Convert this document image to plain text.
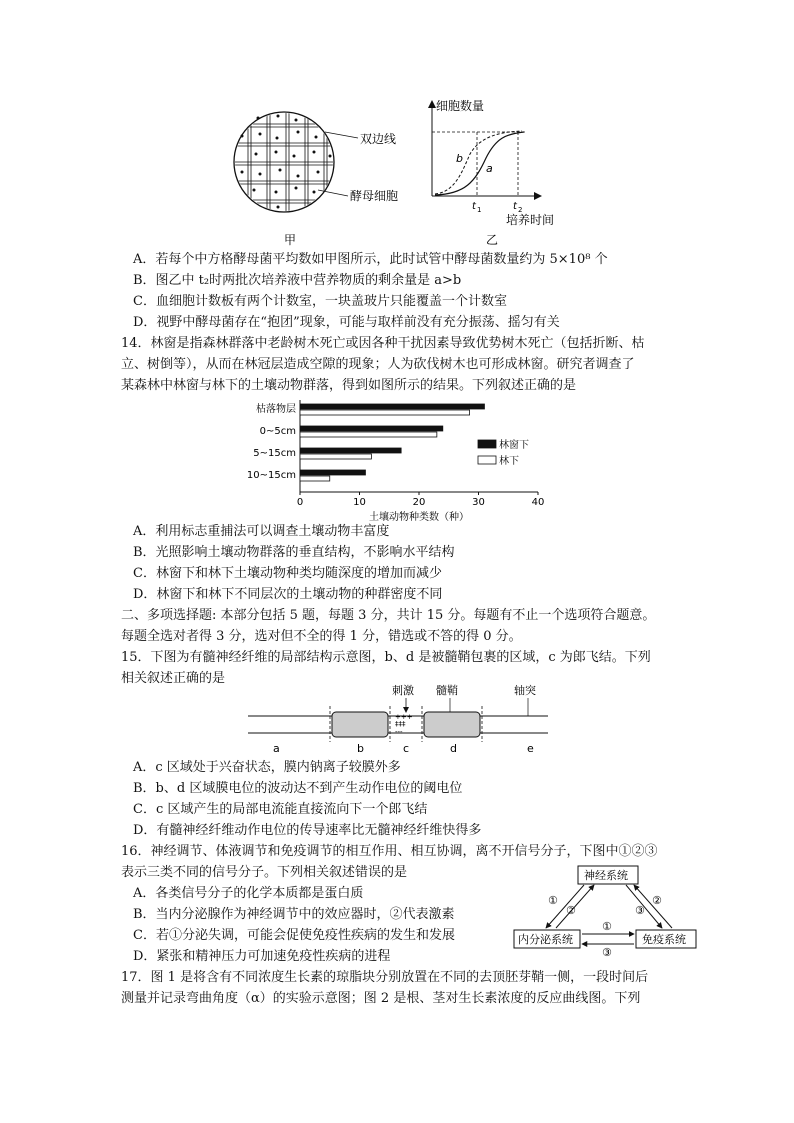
双边线
酵母细胞
细胞数量
b
a
t 1	t 2
培养时间
甲	乙
A．若每个中方格酵母菌平均数如甲图所示，此时试管中酵母菌数量约为 5×10⁸ 个
B．图乙中 t₂时两批次培养液中营养物质的剩余量是 a>b
C．血细胞计数板有两个计数室，一块盖玻片只能覆盖一个计数室
D．视野中酵母菌存在“抱团”现象，可能与取样前没有充分振荡、摇匀有关
14．林窗是指森林群落中老龄树木死亡或因各种干扰因素导致优势树木死亡（包括折断、枯
立、树倒等），从而在林冠层造成空隙的现象；人为砍伐树木也可形成林窗。研究者调查了
某森林中林窗与林下的土壤动物群落，得到如图所示的结果。下列叙述正确的是
0	10	20	30	40
枯落物层
0~5cm
5~15cm
10~15cm
林窗下
林下
土壤动物种类数（种）
A．利用标志重捕法可以调查土壤动物丰富度
B．光照影响土壤动物群落的垂直结构，不影响水平结构
C．林窗下和林下土壤动物种类均随深度的增加而减少
D．林窗下和林下不同层次的土壤动物的种群密度不同
二、多项选择题: 本部分包括 5 题，每题 3 分，共计 15 分。每题有不止一个选项符合题意。
每题全选对者得 3 分，选对但不全的得 1 分，错选或不答的得 0 分。
15．下图为有髓神经纤维的局部结构示意图，b、d 是被髓鞘包裹的区域，c 为郎飞结。下列
相关叙述正确的是
+++
‡‡‡
---
刺激 髓鞘	轴突
a	b	c	d	e
A．c 区域处于兴奋状态，膜内钠离子较膜外多
B．b、d 区域膜电位的波动达不到产生动作电位的阈电位
C．c 区域产生的局部电流能直接流向下一个郎飞结
D．有髓神经纤维动作电位的传导速率比无髓神经纤维快得多
16．神经调节、体液调节和免疫调节的相互作用、相互协调，离不开信号分子，下图中①②③
表示三类不同的信号分子。下列相关叙述错误的是
A．各类信号分子的化学本质都是蛋白质
B．当内分泌腺作为神经调节中的效应器时，②代表激素
C．若①分泌失调，可能会促使免疫性疾病的发生和发展
D．紧张和精神压力可加速免疫性疾病的进程
神经系统
内分泌系统	免疫系统
①
②	③
②
①
③
17．图 1 是将含有不同浓度生长素的琼脂块分别放置在不同的去顶胚芽鞘一侧，一段时间后
测量并记录弯曲角度（α）的实验示意图；图 2 是根、茎对生长素浓度的反应曲线图。下列
